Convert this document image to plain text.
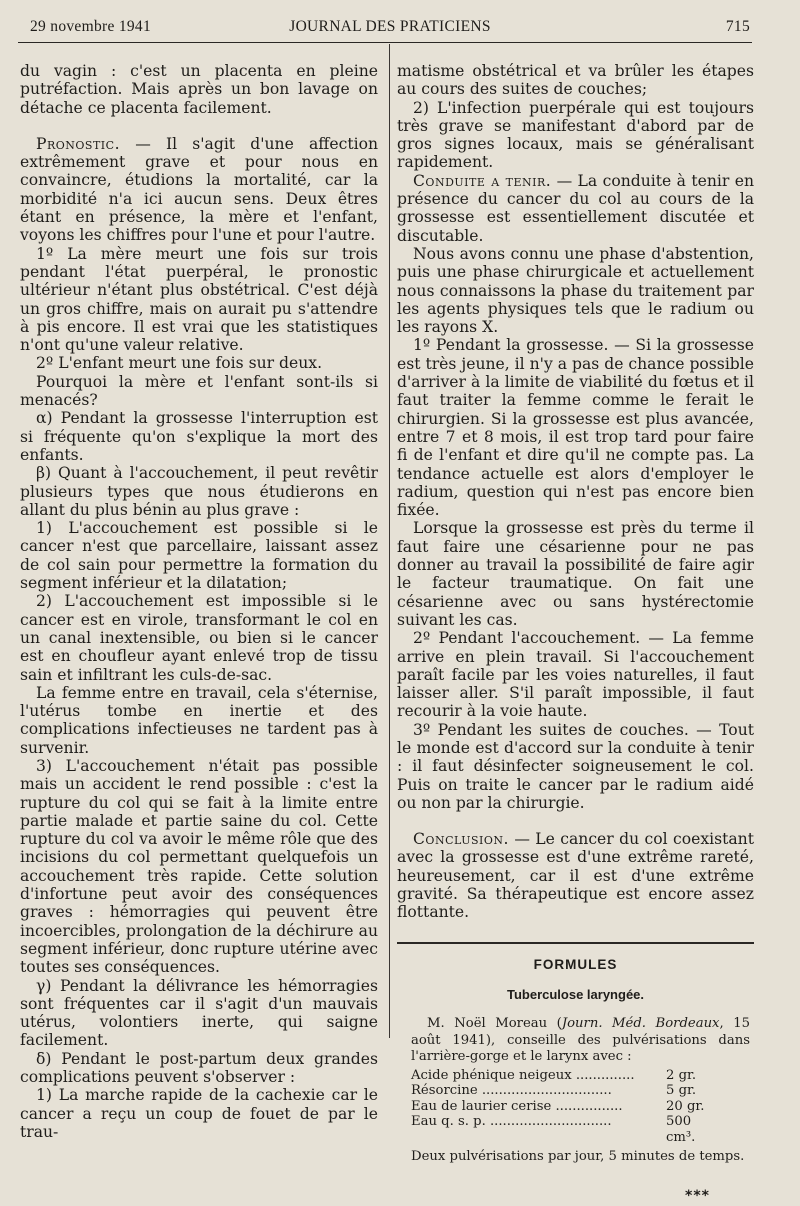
29 novembre 1941	JOURNAL DES PRATICIENS	715

du vagin : c'est un placenta en pleine putréfaction. Mais après un bon lavage on détache ce placenta facilement.

Pronostic. — Il s'agit d'une affection extrêmement grave et pour nous en convaincre, étudions la mortalité, car la morbidité n'a ici aucun sens. Deux êtres étant en présence, la mère et l'enfant, voyons les chiffres pour l'une et pour l'autre.

1º La mère meurt une fois sur trois pendant l'état puerpéral, le pronostic ultérieur n'étant plus obstétrical. C'est déjà un gros chiffre, mais on aurait pu s'attendre à pis encore. Il est vrai que les statistiques n'ont qu'une valeur relative.

2º L'enfant meurt une fois sur deux.

Pourquoi la mère et l'enfant sont-ils si menacés?

α) Pendant la grossesse l'interruption est si fréquente qu'on s'explique la mort des enfants.

β) Quant à l'accouchement, il peut revêtir plusieurs types que nous étudierons en allant du plus bénin au plus grave :

1) L'accouchement est possible si le cancer n'est que parcellaire, laissant assez de col sain pour permettre la formation du segment inférieur et la dilatation;

2) L'accouchement est impossible si le cancer est en virole, transformant le col en un canal inextensible, ou bien si le cancer est en choufleur ayant enlevé trop de tissu sain et infiltrant les culs-de-sac.

La femme entre en travail, cela s'éternise, l'utérus tombe en inertie et des complications infectieuses ne tardent pas à survenir.

3) L'accouchement n'était pas possible mais un accident le rend possible : c'est la rupture du col qui se fait à la limite entre partie malade et partie saine du col. Cette rupture du col va avoir le même rôle que des incisions du col permettant quelquefois un accouchement très rapide. Cette solution d'infortune peut avoir des conséquences graves : hémorragies qui peuvent être incoercibles, prolongation de la déchirure au segment inférieur, donc rupture utérine avec toutes ses conséquences.

γ) Pendant la délivrance les hémorragies sont fréquentes car il s'agit d'un mauvais utérus, volontiers inerte, qui saigne facilement.

δ) Pendant le post-partum deux grandes complications peuvent s'observer :

1) La marche rapide de la cachexie car le cancer a reçu un coup de fouet de par le trau-

matisme obstétrical et va brûler les étapes au cours des suites de couches;

2) L'infection puerpérale qui est toujours très grave se manifestant d'abord par de gros signes locaux, mais se généralisant rapidement.

Conduite a tenir. — La conduite à tenir en présence du cancer du col au cours de la grossesse est essentiellement discutée et discutable.

Nous avons connu une phase d'abstention, puis une phase chirurgicale et actuellement nous connaissons la phase du traitement par les agents physiques tels que le radium ou les rayons X.

1º Pendant la grossesse. — Si la grossesse est très jeune, il n'y a pas de chance possible d'arriver à la limite de viabilité du fœtus et il faut traiter la femme comme le ferait le chirurgien. Si la grossesse est plus avancée, entre 7 et 8 mois, il est trop tard pour faire fi de l'enfant et dire qu'il ne compte pas. La tendance actuelle est alors d'employer le radium, question qui n'est pas encore bien fixée.

Lorsque la grossesse est près du terme il faut faire une césarienne pour ne pas donner au travail la possibilité de faire agir le facteur traumatique. On fait une césarienne avec ou sans hystérectomie suivant les cas.

2º Pendant l'accouchement. — La femme arrive en plein travail. Si l'accouchement paraît facile par les voies naturelles, il faut laisser aller. S'il paraît impossible, il faut recourir à la voie haute.

3º Pendant les suites de couches. — Tout le monde est d'accord sur la conduite à tenir : il faut désinfecter soigneusement le col. Puis on traite le cancer par le radium aidé ou non par la chirurgie.

Conclusion. — Le cancer du col coexistant avec la grossesse est d'une extrême rareté, heureusement, car il est d'une extrême gravité. Sa thérapeutique est encore assez flottante.

FORMULES
Tuberculose laryngée.
M. Noël Moreau (Journ. Méd. Bordeaux, 15 août 1941), conseille des pulvérisations dans l'arrière-gorge et le larynx avec :
Acide phénique neigeux .............. 2 gr.
Résorcine ...............................	5 gr.
Eau de laurier cerise ................	20 gr.
Eau q. s. p. .............................	500 cm³.
Deux pulvérisations par jour, 5 minutes de temps.
***
